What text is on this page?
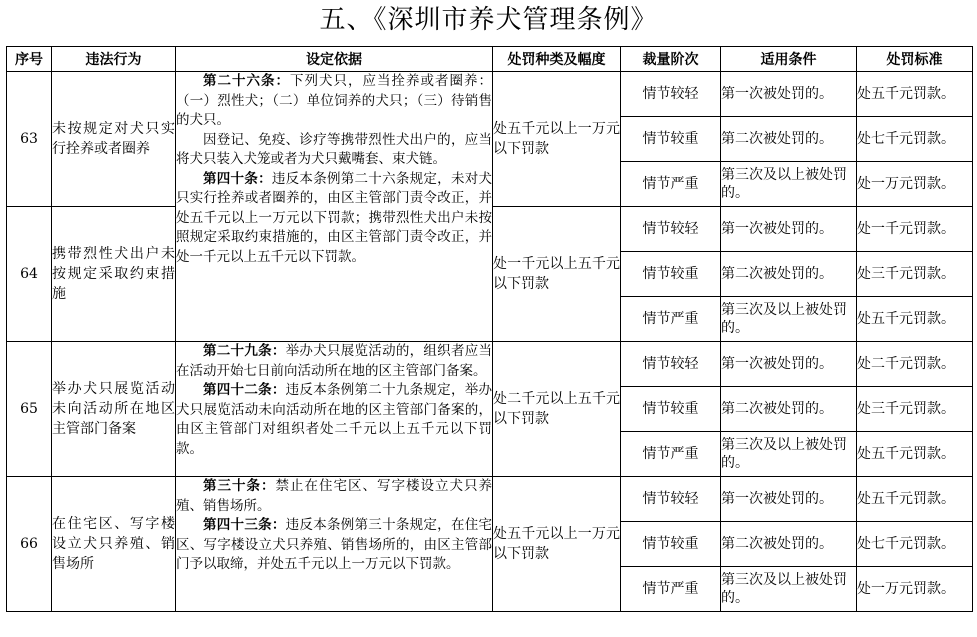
五、《深圳市养犬管理条例》
序号	违法行为	设定依据	处罚种类及幅度	裁量阶次	适用条件	处罚标准
63	未按规定对犬只实行拴养或者圈养	第二十六条：下列犬只，应当拴养或者圈养：（一）烈性犬；（二）单位饲养的犬只；（三）待销售的犬只。

因登记、免疫、诊疗等携带烈性犬出户的，应当将犬只装入犬笼或者为犬只戴嘴套、束犬链。

第四十条：违反本条例第二十六条规定，未对犬只实行拴养或者圈养的，由区主管部门责令改正，并处五千元以上一万元以下罚款；携带烈性犬出户未按照规定采取约束措施的，由区主管部门责令改正，并处一千元以上五千元以下罚款。	处五千元以上一万元以下罚款	情节较轻	第一次被处罚的。	处五千元罚款。
				情节较重	第二次被处罚的。	处七千元罚款。
				情节严重	第三次及以上被处罚的。	处一万元罚款。
64	携带烈性犬出户未按规定采取约束措施		处一千元以上五千元以下罚款	情节较轻	第一次被处罚的。	处一千元罚款。
				情节较重	第二次被处罚的。	处三千元罚款。
				情节严重	第三次及以上被处罚的。	处五千元罚款。
65	举办犬只展览活动未向活动所在地区主管部门备案	第二十九条：举办犬只展览活动的，组织者应当在活动开始七日前向活动所在地的区主管部门备案。

第四十二条：违反本条例第二十九条规定，举办犬只展览活动未向活动所在地的区主管部门备案的，由区主管部门对组织者处二千元以上五千元以下罚款。	处二千元以上五千元以下罚款	情节较轻	第一次被处罚的。	处二千元罚款。
				情节较重	第二次被处罚的。	处三千元罚款。
				情节严重	第三次及以上被处罚的。	处五千元罚款。
66	在住宅区、写字楼设立犬只养殖、销售场所	第三十条：禁止在住宅区、写字楼设立犬只养殖、销售场所。

第四十三条：违反本条例第三十条规定，在住宅区、写字楼设立犬只养殖、销售场所的，由区主管部门予以取缔，并处五千元以上一万元以下罚款。	处五千元以上一万元以下罚款	情节较轻	第一次被处罚的。	处五千元罚款。
				情节较重	第二次被处罚的。	处七千元罚款。
				情节严重	第三次及以上被处罚的。	处一万元罚款。
